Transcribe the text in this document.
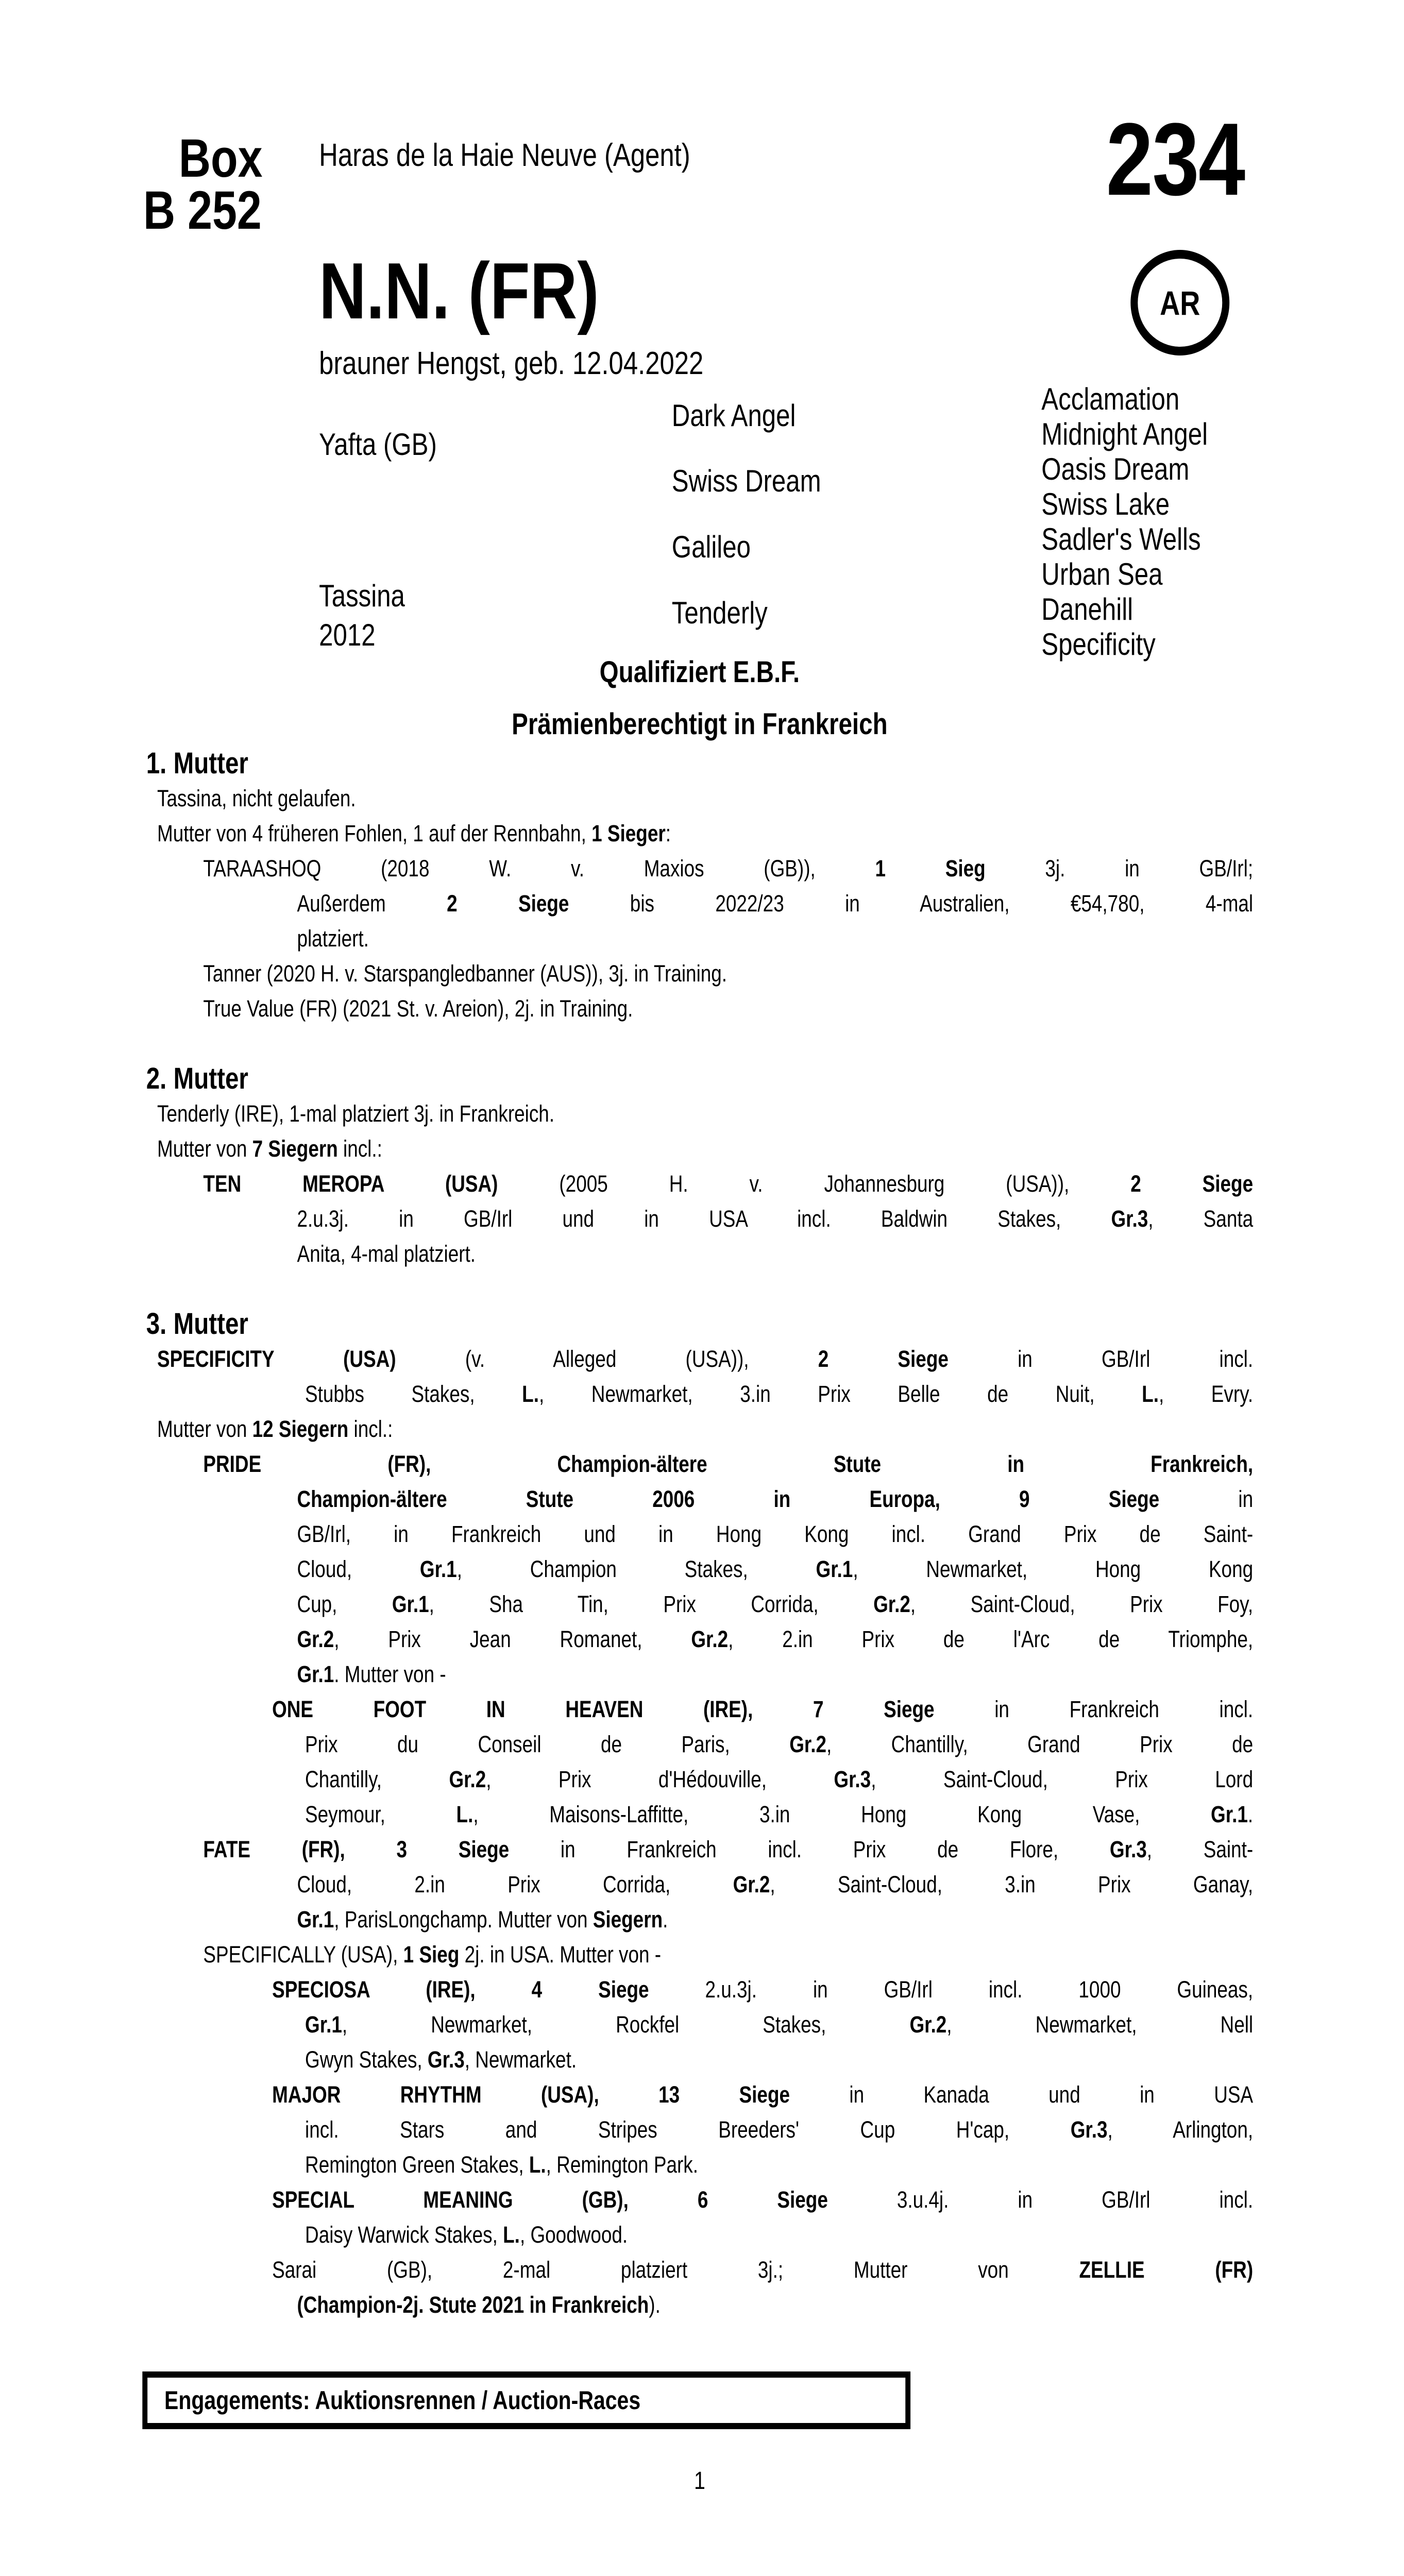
Box
B 252
Haras de la Haie Neuve (Agent)	234
AR
N.N. (FR)
brauner Hengst, geb. 12.04.2022
Yafta (GB)
Tassina
2012
Dark Angel
Swiss Dream
Galileo
Tenderly
Acclamation
Midnight Angel
Oasis Dream
Swiss Lake
Sadler's Wells
Urban Sea
Danehill
Specificity
Qualifiziert E.B.F.
Prämienberechtigt in Frankreich
1. Mutter
Tassina, nicht gelaufen.
Mutter von 4 früheren Fohlen, 1 auf der Rennbahn, 1 Sieger:
TARAASHOQ (2018 W. v. Maxios (GB)), 1 Sieg 3j. in GB/Irl;
Außerdem 2 Siege bis 2022/23 in Australien, €54,780, 4-mal
platziert.
Tanner (2020 H. v. Starspangledbanner (AUS)), 3j. in Training.
True Value (FR) (2021 St. v. Areion), 2j. in Training.
2. Mutter
Tenderly (IRE), 1-mal platziert 3j. in Frankreich.
Mutter von 7 Siegern incl.:
TEN MEROPA (USA) (2005 H. v. Johannesburg (USA)), 2 Siege
2.u.3j. in GB/Irl und in USA incl. Baldwin Stakes, Gr.3, Santa
Anita, 4-mal platziert.
3. Mutter
SPECIFICITY (USA) (v. Alleged (USA)), 2 Siege in GB/Irl incl.
Stubbs Stakes, L., Newmarket, 3.in Prix Belle de Nuit, L., Evry.
Mutter von 12 Siegern incl.:
PRIDE (FR), Champion-ältere Stute in Frankreich,
Champion-ältere Stute 2006 in Europa, 9 Siege in
GB/Irl, in Frankreich und in Hong Kong incl. Grand Prix de Saint-
Cloud, Gr.1, Champion Stakes, Gr.1, Newmarket, Hong Kong
Cup, Gr.1, Sha Tin, Prix Corrida, Gr.2, Saint-Cloud, Prix Foy,
Gr.2, Prix Jean Romanet, Gr.2, 2.in Prix de l'Arc de Triomphe,
Gr.1. Mutter von -
ONE FOOT IN HEAVEN (IRE), 7 Siege in Frankreich incl.
Prix du Conseil de Paris, Gr.2, Chantilly, Grand Prix de
Chantilly, Gr.2, Prix d'Hédouville, Gr.3, Saint-Cloud, Prix Lord
Seymour, L., Maisons-Laffitte, 3.in Hong Kong Vase, Gr.1.
FATE (FR), 3 Siege in Frankreich incl. Prix de Flore, Gr.3, Saint-
Cloud, 2.in Prix Corrida, Gr.2, Saint-Cloud, 3.in Prix Ganay,
Gr.1, ParisLongchamp. Mutter von Siegern.
SPECIFICALLY (USA), 1 Sieg 2j. in USA. Mutter von -
SPECIOSA (IRE), 4 Siege 2.u.3j. in GB/Irl incl. 1000 Guineas,
Gr.1, Newmarket, Rockfel Stakes, Gr.2, Newmarket, Nell
Gwyn Stakes, Gr.3, Newmarket.
MAJOR RHYTHM (USA), 13 Siege in Kanada und in USA
incl. Stars and Stripes Breeders' Cup H'cap, Gr.3, Arlington,
Remington Green Stakes, L., Remington Park.
SPECIAL MEANING (GB), 6 Siege 3.u.4j. in GB/Irl incl.
Daisy Warwick Stakes, L., Goodwood.
Sarai (GB), 2-mal platziert 3j.; Mutter von ZELLIE (FR)
(Champion-2j. Stute 2021 in Frankreich).
Engagements: Auktionsrennen / Auction-Races
1
